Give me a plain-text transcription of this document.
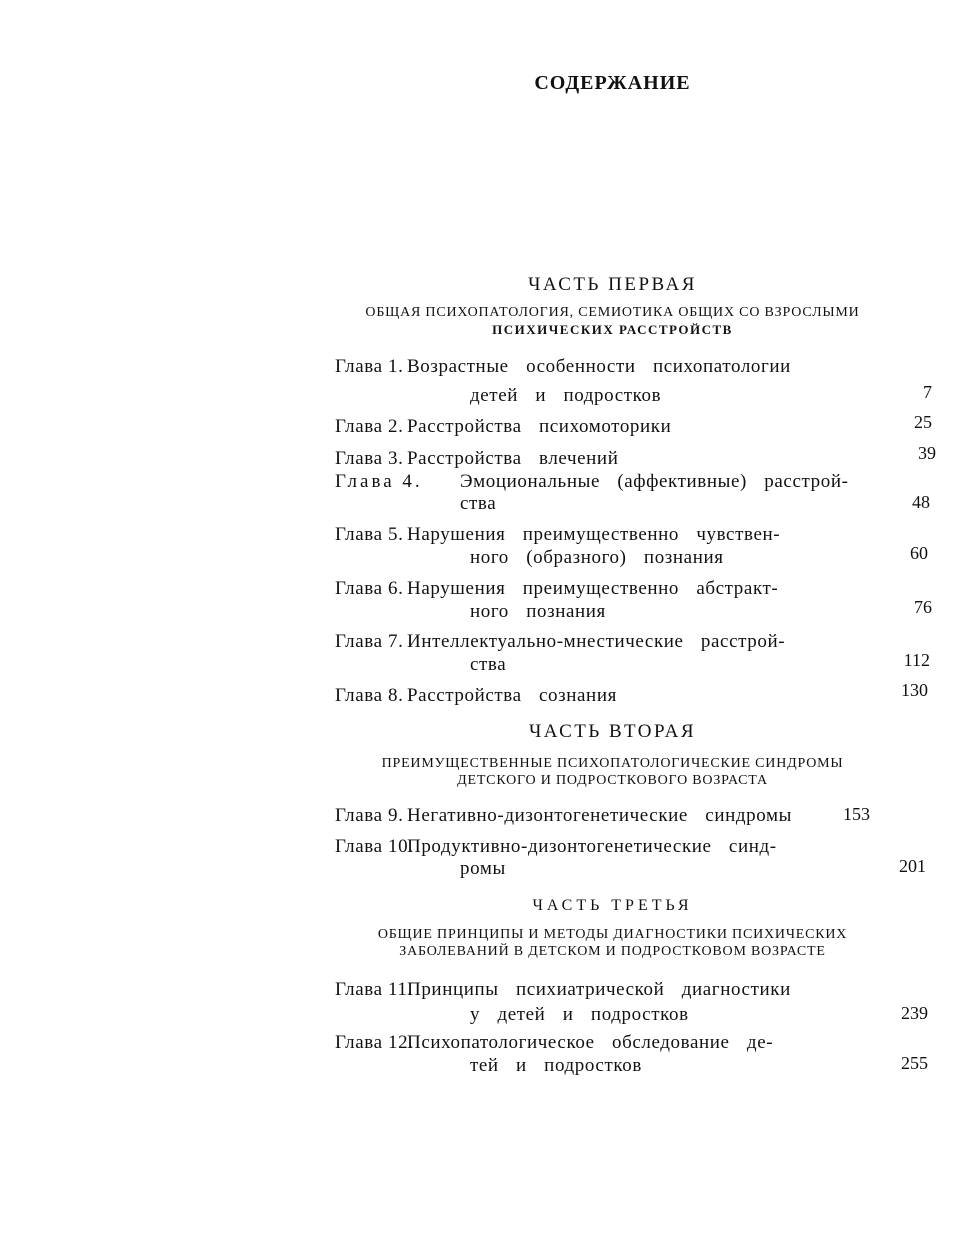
СОДЕРЖАНИЕ
ЧАСТЬ ПЕРВАЯ
ОБЩАЯ ПСИХОПАТОЛОГИЯ, СЕМИОТИКА ОБЩИХ СО ВЗРОСЛЫМИ
ПСИХИЧЕСКИХ РАССТРОЙСТВ
Глава 1. Возрастные особенности психопатологии
детей и подростков	7
Глава 2. Расстройства психомоторики	25
Глава 3. Расстройства влечений	39
Глава 4. Эмоциональные (аффективные) расстрой-
ства	48
Глава 5. Нарушения преимущественно чувствен-
ного (образного) познания	60
Глава 6. Нарушения преимущественно абстракт-
ного познания	76
Глава 7. Интеллектуально-мнестические расстрой-
ства	112
Глава 8. Расстройства сознания	130
ЧАСТЬ ВТОРАЯ
ПРЕИМУЩЕСТВЕННЫЕ ПСИХОПАТОЛОГИЧЕСКИЕ СИНДРОМЫ
ДЕТСКОГО И ПОДРОСТКОВОГО ВОЗРАСТА
Глава 9. Негативно-дизонтогенетические синдромы	153
Глава 10.
Продуктивно-дизонтогенетические синд-
ромы	201
ЧАСТЬ ТРЕТЬЯ
ОБЩИЕ ПРИНЦИПЫ И МЕТОДЫ ДИАГНОСТИКИ ПСИХИЧЕСКИХ
ЗАБОЛЕВАНИЙ В ДЕТСКОМ И ПОДРОСТКОВОМ ВОЗРАСТЕ
Глава 11.
Принципы психиатрической диагностики
у детей и подростков	239
Глава 12.
Психопатологическое обследование де-
тей и подростков	255
